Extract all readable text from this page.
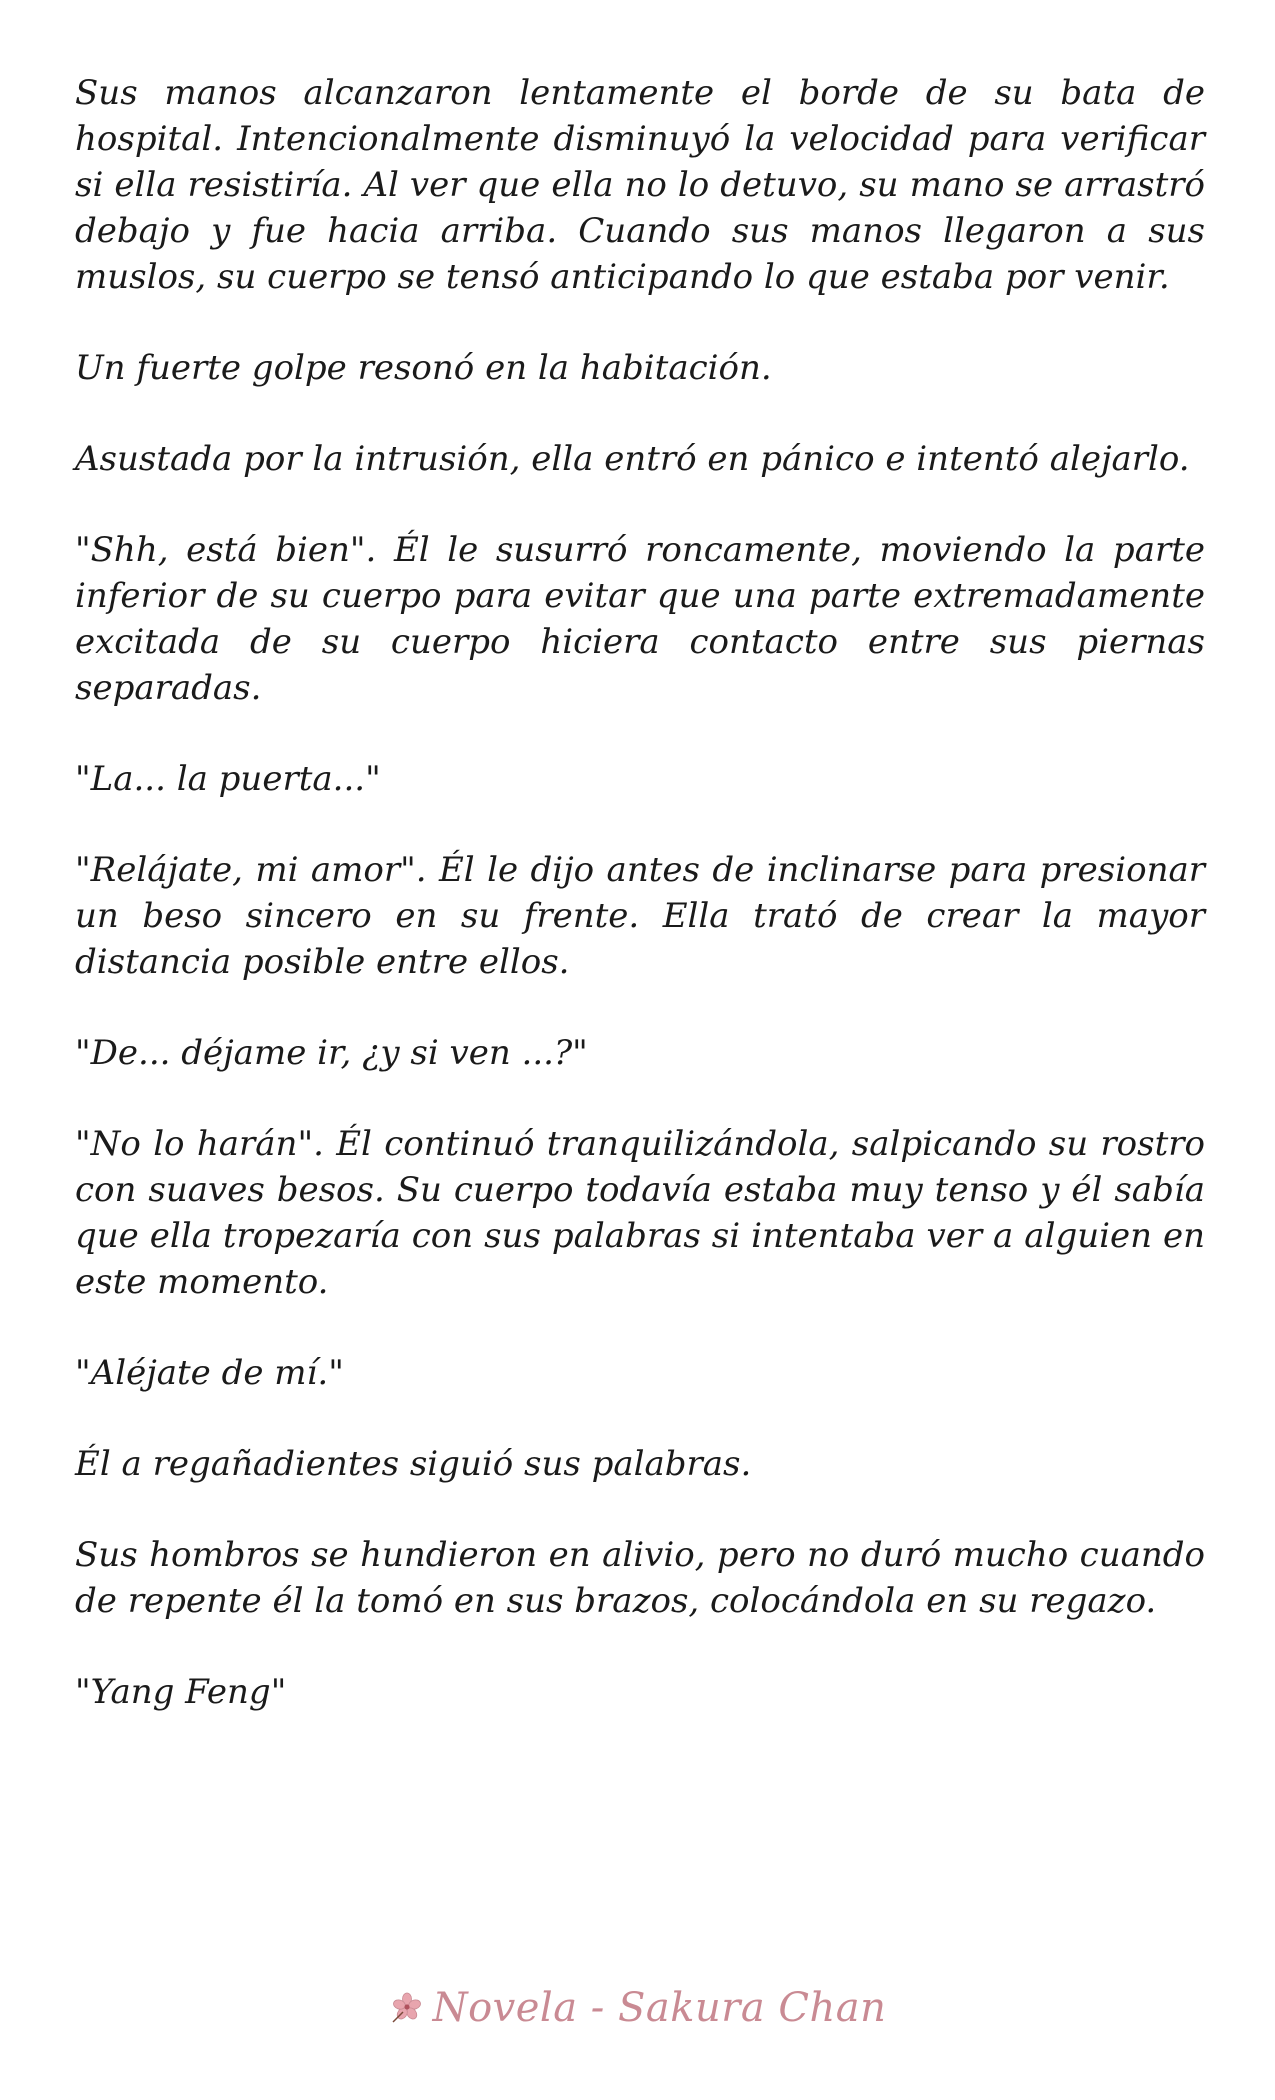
Sus manos alcanzaron lentamente el borde de su bata de hospital. Intencionalmente disminuyó la velocidad para verificar si ella resistiría. Al ver que ella no lo detuvo, su mano se arrastró debajo y fue hacia arriba. Cuando sus manos llegaron a sus muslos, su cuerpo se tensó anticipando lo que estaba por venir.

Un fuerte golpe resonó en la habitación.

Asustada por la intrusión, ella entró en pánico e intentó alejarlo.

"Shh, está bien". Él le susurró roncamente, moviendo la parte inferior de su cuerpo para evitar que una parte extremadamente excitada de su cuerpo hiciera contacto entre sus piernas separadas.

"La... la puerta..."

"Relájate, mi amor". Él le dijo antes de inclinarse para presionar un beso sincero en su frente. Ella trató de crear la mayor distancia posible entre ellos.

"De... déjame ir, ¿y si ven ...?"

"No lo harán". Él continuó tranquilizándola, salpicando su rostro con suaves besos. Su cuerpo todavía estaba muy tenso y él sabía que ella tropezaría con sus palabras si intentaba ver a alguien en este momento.

"Aléjate de mí."

Él a regañadientes siguió sus palabras.

Sus hombros se hundieron en alivio, pero no duró mucho cuando de repente él la tomó en sus brazos, colocándola en su regazo.

"Yang Feng"

Novela - Sakura Chan
